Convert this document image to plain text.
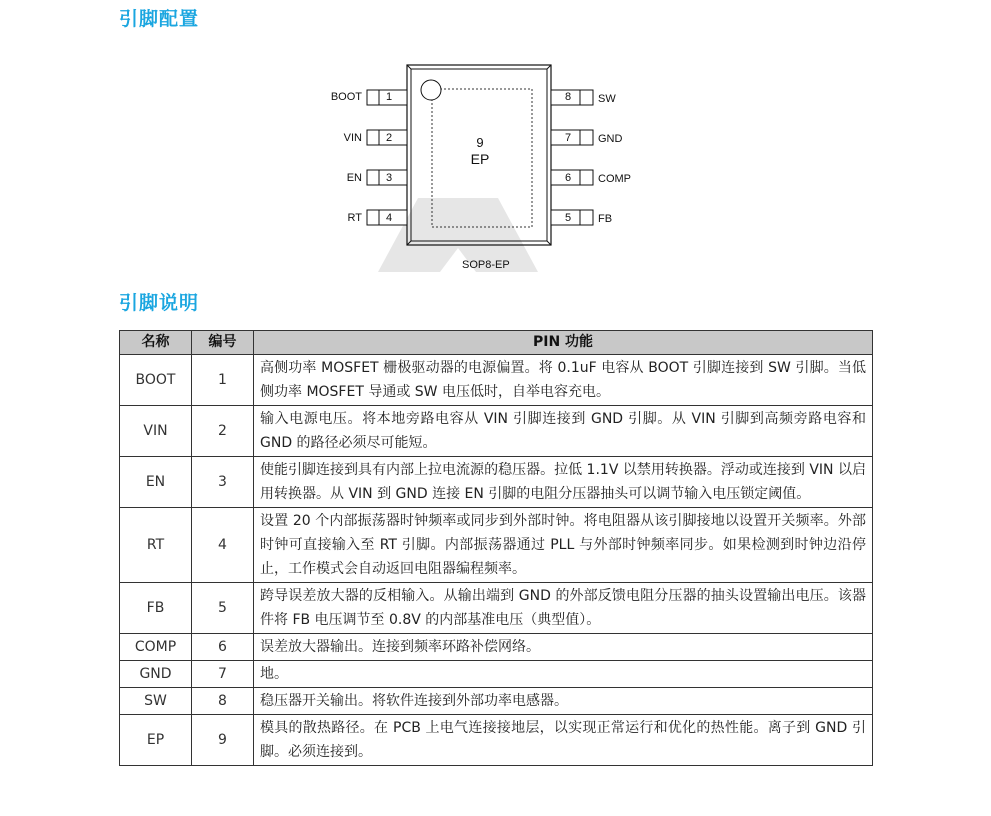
引脚配置
BOOT
VIN
EN
RT
1
2
3
4
8
7
6
5
SW
GND
COMP
FB
9
EP
SOP8-EP
引脚说明
名称	编号	PIN 功能
BOOT	1	高侧功率 MOSFET 栅极驱动器的电源偏置。将 0.1uF 电容从 BOOT 引脚连接到 SW 引脚。当低侧功率 MOSFET 导通或 SW 电压低时，自举电容充电。
VIN	2	输入电源电压。将本地旁路电容从 VIN 引脚连接到 GND 引脚。从 VIN 引脚到高频旁路电容和 GND 的路径必须尽可能短。
EN	3	使能引脚连接到具有内部上拉电流源的稳压器。拉低 1.1V 以禁用转换器。浮动或连接到 VIN 以启用转换器。从 VIN 到 GND 连接 EN 引脚的电阻分压器抽头可以调节输入电压锁定阈值。
RT	4	设置 20 个内部振荡器时钟频率或同步到外部时钟。将电阻器从该引脚接地以设置开关频率。外部时钟可直接输入至 RT 引脚。内部振荡器通过 PLL 与外部时钟频率同步。如果检测到时钟边沿停止，工作模式会自动返回电阻器编程频率。
FB	5	跨导误差放大器的反相输入。从输出端到 GND 的外部反馈电阻分压器的抽头设置输出电压。该器件将 FB 电压调节至 0.8V 的内部基准电压（典型值）。
COMP	6	误差放大器输出。连接到频率环路补偿网络。
GND	7	地。
SW	8	稳压器开关输出。将软件连接到外部功率电感器。
EP	9	模具的散热路径。在 PCB 上电气连接接地层，以实现正常运行和优化的热性能。离子到 GND 引脚。必须连接到。
